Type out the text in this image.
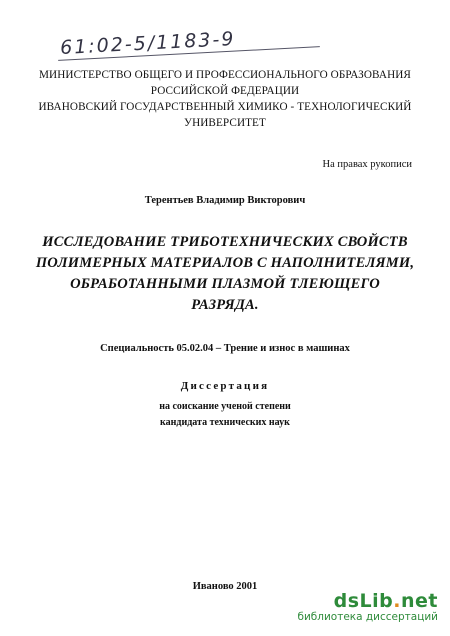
61:02-5/1183-9
МИНИСТЕРСТВО ОБЩЕГО И ПРОФЕССИОНАЛЬНОГО ОБРАЗОВАНИЯ
РОССИЙСКОЙ ФЕДЕРАЦИИ
ИВАНОВСКИЙ ГОСУДАРСТВЕННЫЙ ХИМИКО - ТЕХНОЛОГИЧЕСКИЙ
УНИВЕРСИТЕТ
На правах рукописи
Терентьев Владимир Викторович
ИССЛЕДОВАНИЕ ТРИБОТЕХНИЧЕСКИХ СВОЙСТВ
ПОЛИМЕРНЫХ МАТЕРИАЛОВ С НАПОЛНИТЕЛЯМИ,
ОБРАБОТАННЫМИ ПЛАЗМОЙ ТЛЕЮЩЕГО
РАЗРЯДА.
Специальность 05.02.04 – Трение и износ в машинах
Диссертация
на соискание ученой степени
кандидата технических наук
Иваново 2001
dsLib.net
библиотека диссертаций
